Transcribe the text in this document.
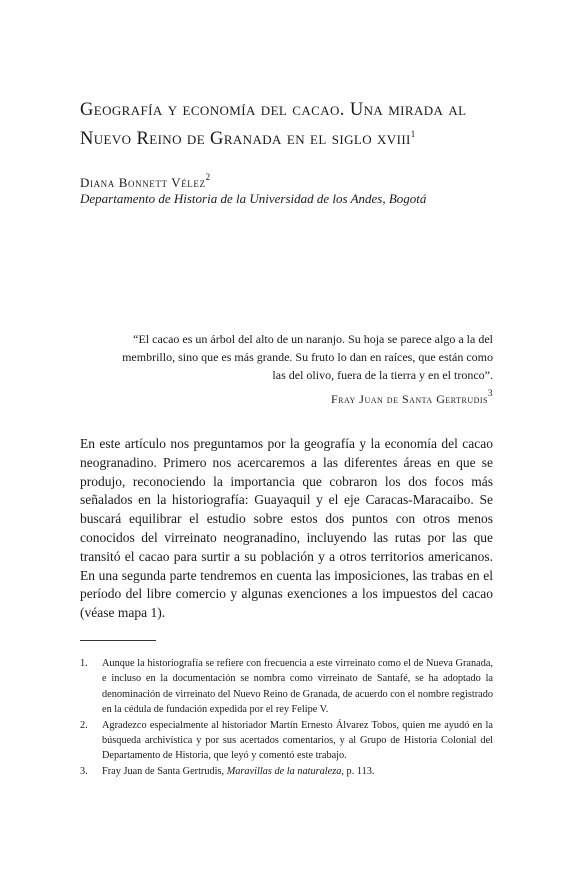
Geografía y economía del cacao. Una mirada al Nuevo Reino de Granada en el siglo xviii$^1$
Diana Bonnett Vélez$^2$
Departamento de Historia de la Universidad de los Andes, Bogotá
“El cacao es un árbol del alto de un naranjo. Su hoja se parece algo a la del membrillo, sino que es más grande. Su fruto lo dan en raíces, que están como las del olivo, fuera de la tierra y en el tronco”.
Fray Juan de Santa Gertrudis$^3$

En este artículo nos preguntamos por la geografía y la economía del cacao neogranadino. Primero nos acercaremos a las diferentes áreas en que se produjo, reconociendo la importancia que cobraron los dos focos más señalados en la historiografía: Guayaquil y el eje Caracas-Maracaibo. Se buscará equilibrar el estudio sobre estos dos puntos con otros menos conocidos del virreinato neogranadino, incluyendo las rutas por las que transitó el cacao para surtir a su población y a otros territorios americanos. En una segunda parte tendremos en cuenta las imposiciones, las trabas en el período del libre comercio y algunas exenciones a los impuestos del cacao (véase mapa 1).

1. Aunque la historiografía se refiere con frecuencia a este virreinato como el de Nueva Granada, e incluso en la documentación se nombra como virreinato de Santafé, se ha adoptado la denominación de virreinato del Nuevo Reino de Granada, de acuerdo con el nombre registrado en la cédula de fundación expedida por el rey Felipe V.
2. Agradezco especialmente al historiador Martín Ernesto Álvarez Tobos, quien me ayudó en la búsqueda archivística y por sus acertados comentarios, y al Grupo de Historia Colonial del Departamento de Historia, que leyó y comentó este trabajo.
3. Fray Juan de Santa Gertrudis, Maravillas de la naturaleza, p. 113.
